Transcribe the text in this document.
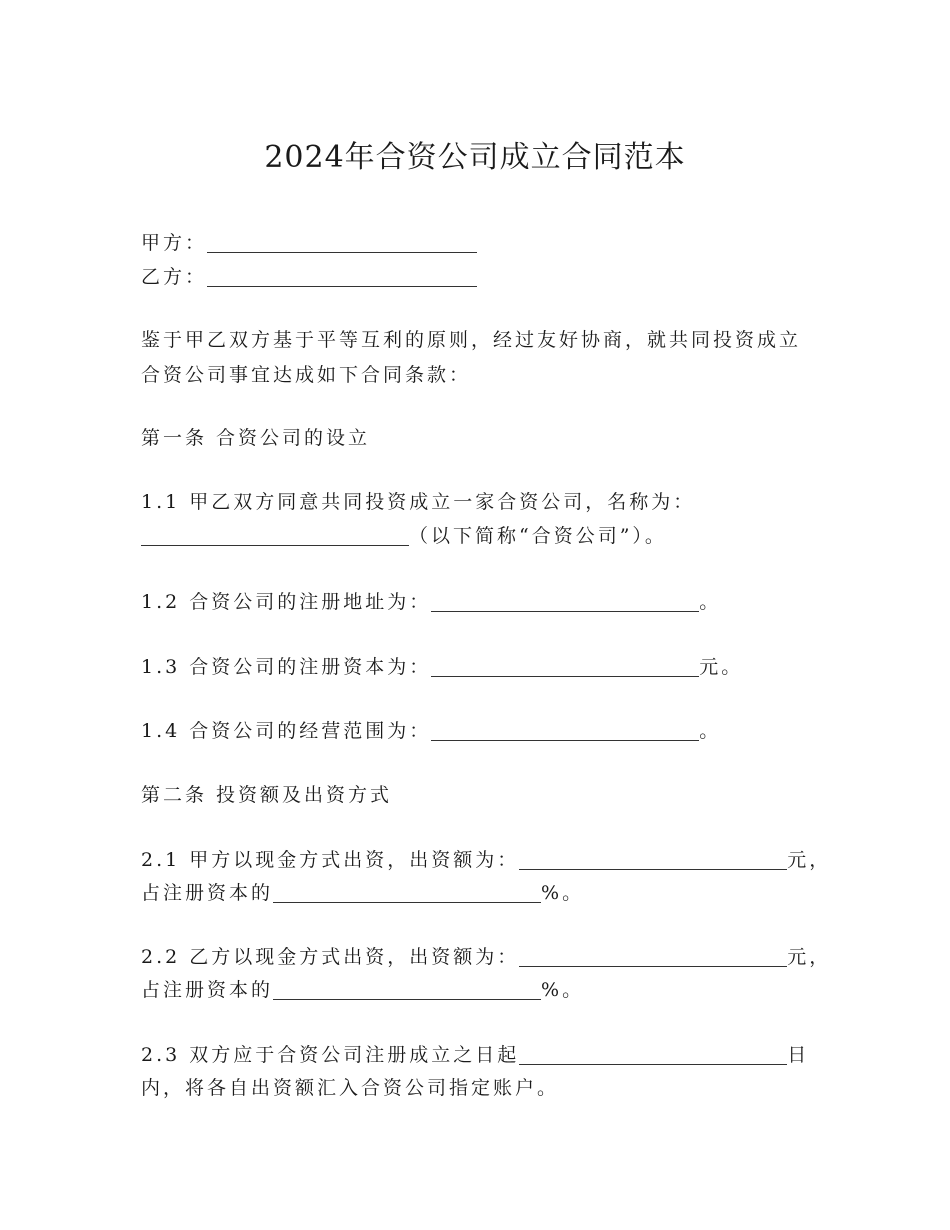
2024年合资公司成立合同范本

甲方：

乙方：

鉴于甲乙双方基于平等互利的原则，经过友好协商，就共同投资成立

合资公司事宜达成如下合同条款：

第一条 合资公司的设立

1.1 甲乙双方同意共同投资成立一家合资公司，名称为：

（以下简称“合资公司”）。

1.2 合资公司的注册地址为：	。

1.3 合资公司的注册资本为：	元。

1.4 合资公司的经营范围为：	。

第二条 投资额及出资方式

2.1 甲方以现金方式出资，出资额为：	元，

占注册资本的	%。

2.2 乙方以现金方式出资，出资额为：	元，

占注册资本的	%。

2.3 双方应于合资公司注册成立之日起	日

内，将各自出资额汇入合资公司指定账户。
